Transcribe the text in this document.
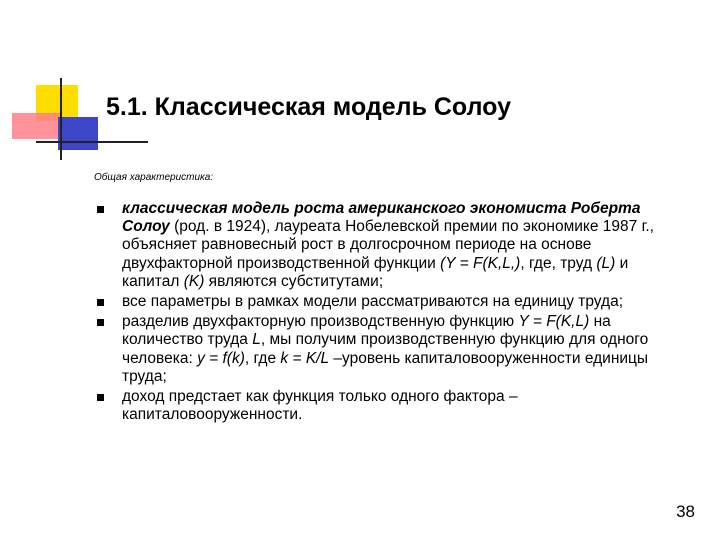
5.1. Классическая модель Солоу
Общая характеристика:
классическая модель роста американского экономиста Роберта Солоу (род. в 1924), лауреата Нобелевской премии по экономике 1987 г., объясняет равновесный рост в долгосрочном периоде на основе двухфакторной производственной функции (Y = F(K,L,), где, труд (L) и капитал (K) являются субститутами;
все параметры в рамках модели рассматриваются на единицу труда;
разделив двухфакторную производственную функцию Y = F(K,L) на количество труда L, мы получим производственную функцию для одного человека: y = f(k), где k = K/L –уровень капиталовооруженности единицы труда;
доход предстает как функция только одного фактора – капиталовооруженности.
38
